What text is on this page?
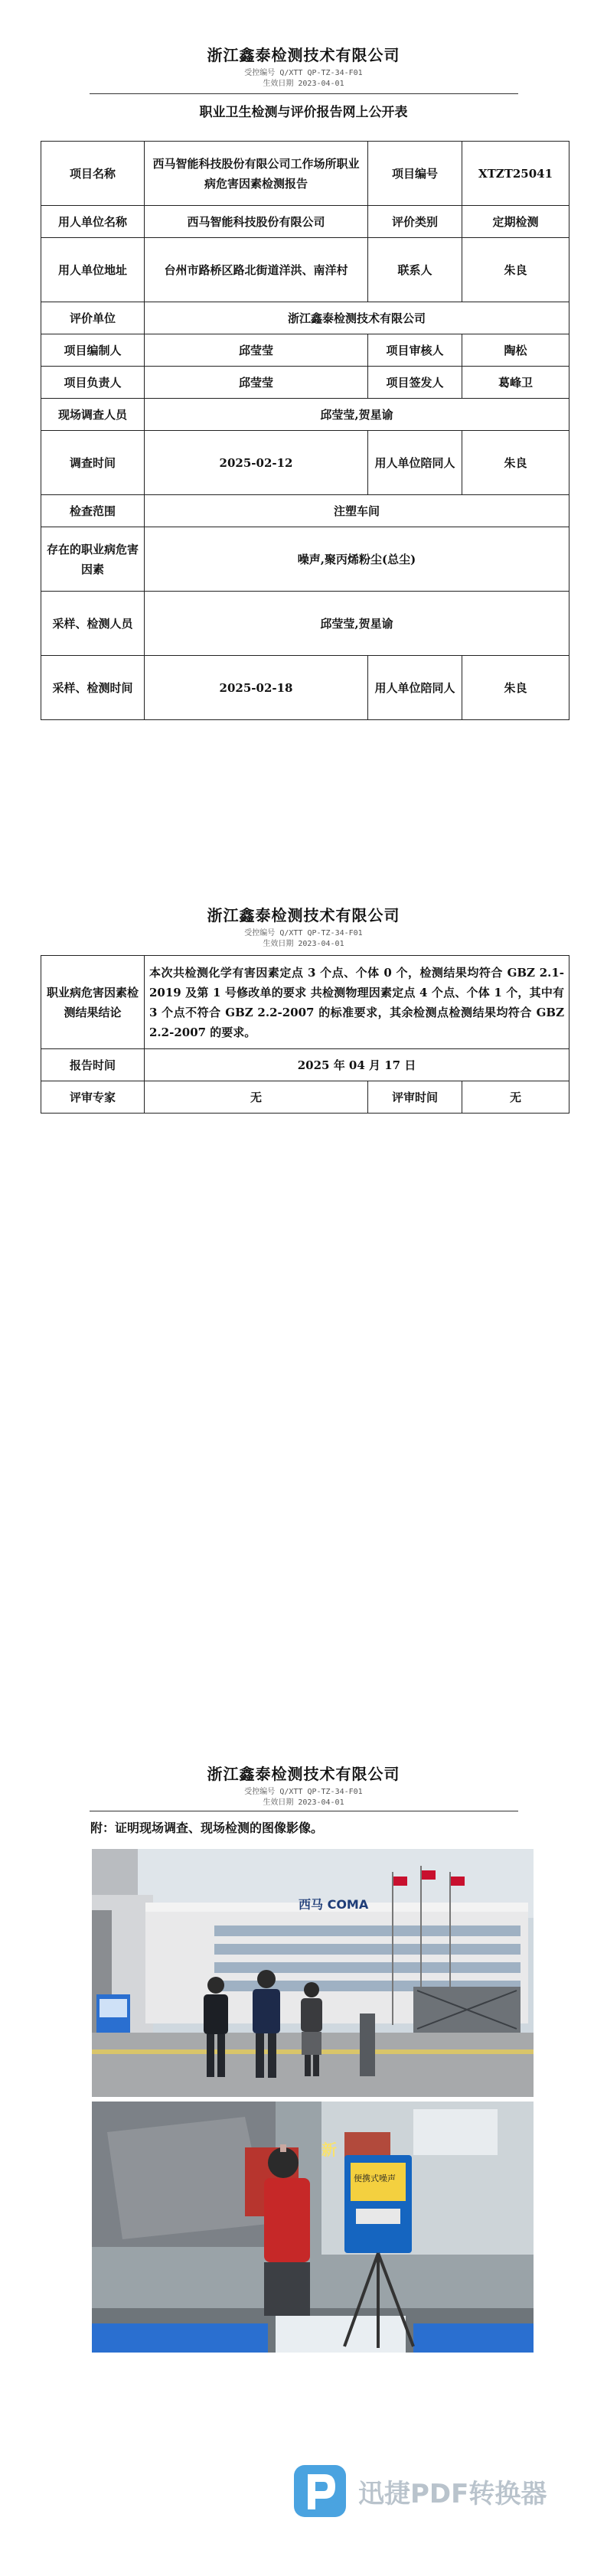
浙江鑫泰检测技术有限公司
受控编号 Q/XTT QP-TZ-34-F01
生效日期 2023-04-01
职业卫生检测与评价报告网上公开表
项目名称	西马智能科技股份有限公司工作场所职业病危害因素检测报告	项目编号	XTZT25041
用人单位名称	西马智能科技股份有限公司	评价类别	定期检测
用人单位地址	台州市路桥区路北街道洋洪、南洋村	联系人	朱良
评价单位	浙江鑫泰检测技术有限公司		
项目编制人	邱莹莹	项目审核人	陶松
项目负责人	邱莹莹	项目签发人	葛峰卫
现场调查人员	邱莹莹,贺星谕		
调查时间	2025-02-12	用人单位陪同人	朱良
检查范围	注塑车间		
存在的职业病危害因素	噪声,聚丙烯粉尘(总尘)		
采样、检测人员	邱莹莹,贺星谕		
采样、检测时间	2025-02-18	用人单位陪同人	朱良
浙江鑫泰检测技术有限公司
受控编号 Q/XTT QP-TZ-34-F01
生效日期 2023-04-01
职业病危害因素检测结果结论	本次共检测化学有害因素定点 3 个点、个体 0 个，检测结果均符合 GBZ 2.1-2019 及第 1 号修改单的要求 共检测物理因素定点 4 个点、个体 1 个，其中有 3 个点不符合 GBZ 2.2-2007 的标准要求，其余检测点检测结果均符合 GBZ 2.2-2007 的要求。		
报告时间	2025 年 04 月 17 日		
评审专家	无	评审时间	无
浙江鑫泰检测技术有限公司
受控编号 Q/XTT QP-TZ-34-F01
生效日期 2023-04-01
附：证明现场调查、现场检测的图像影像。
西马 COMA
便携式噪声
新
迅捷PDF转换器
